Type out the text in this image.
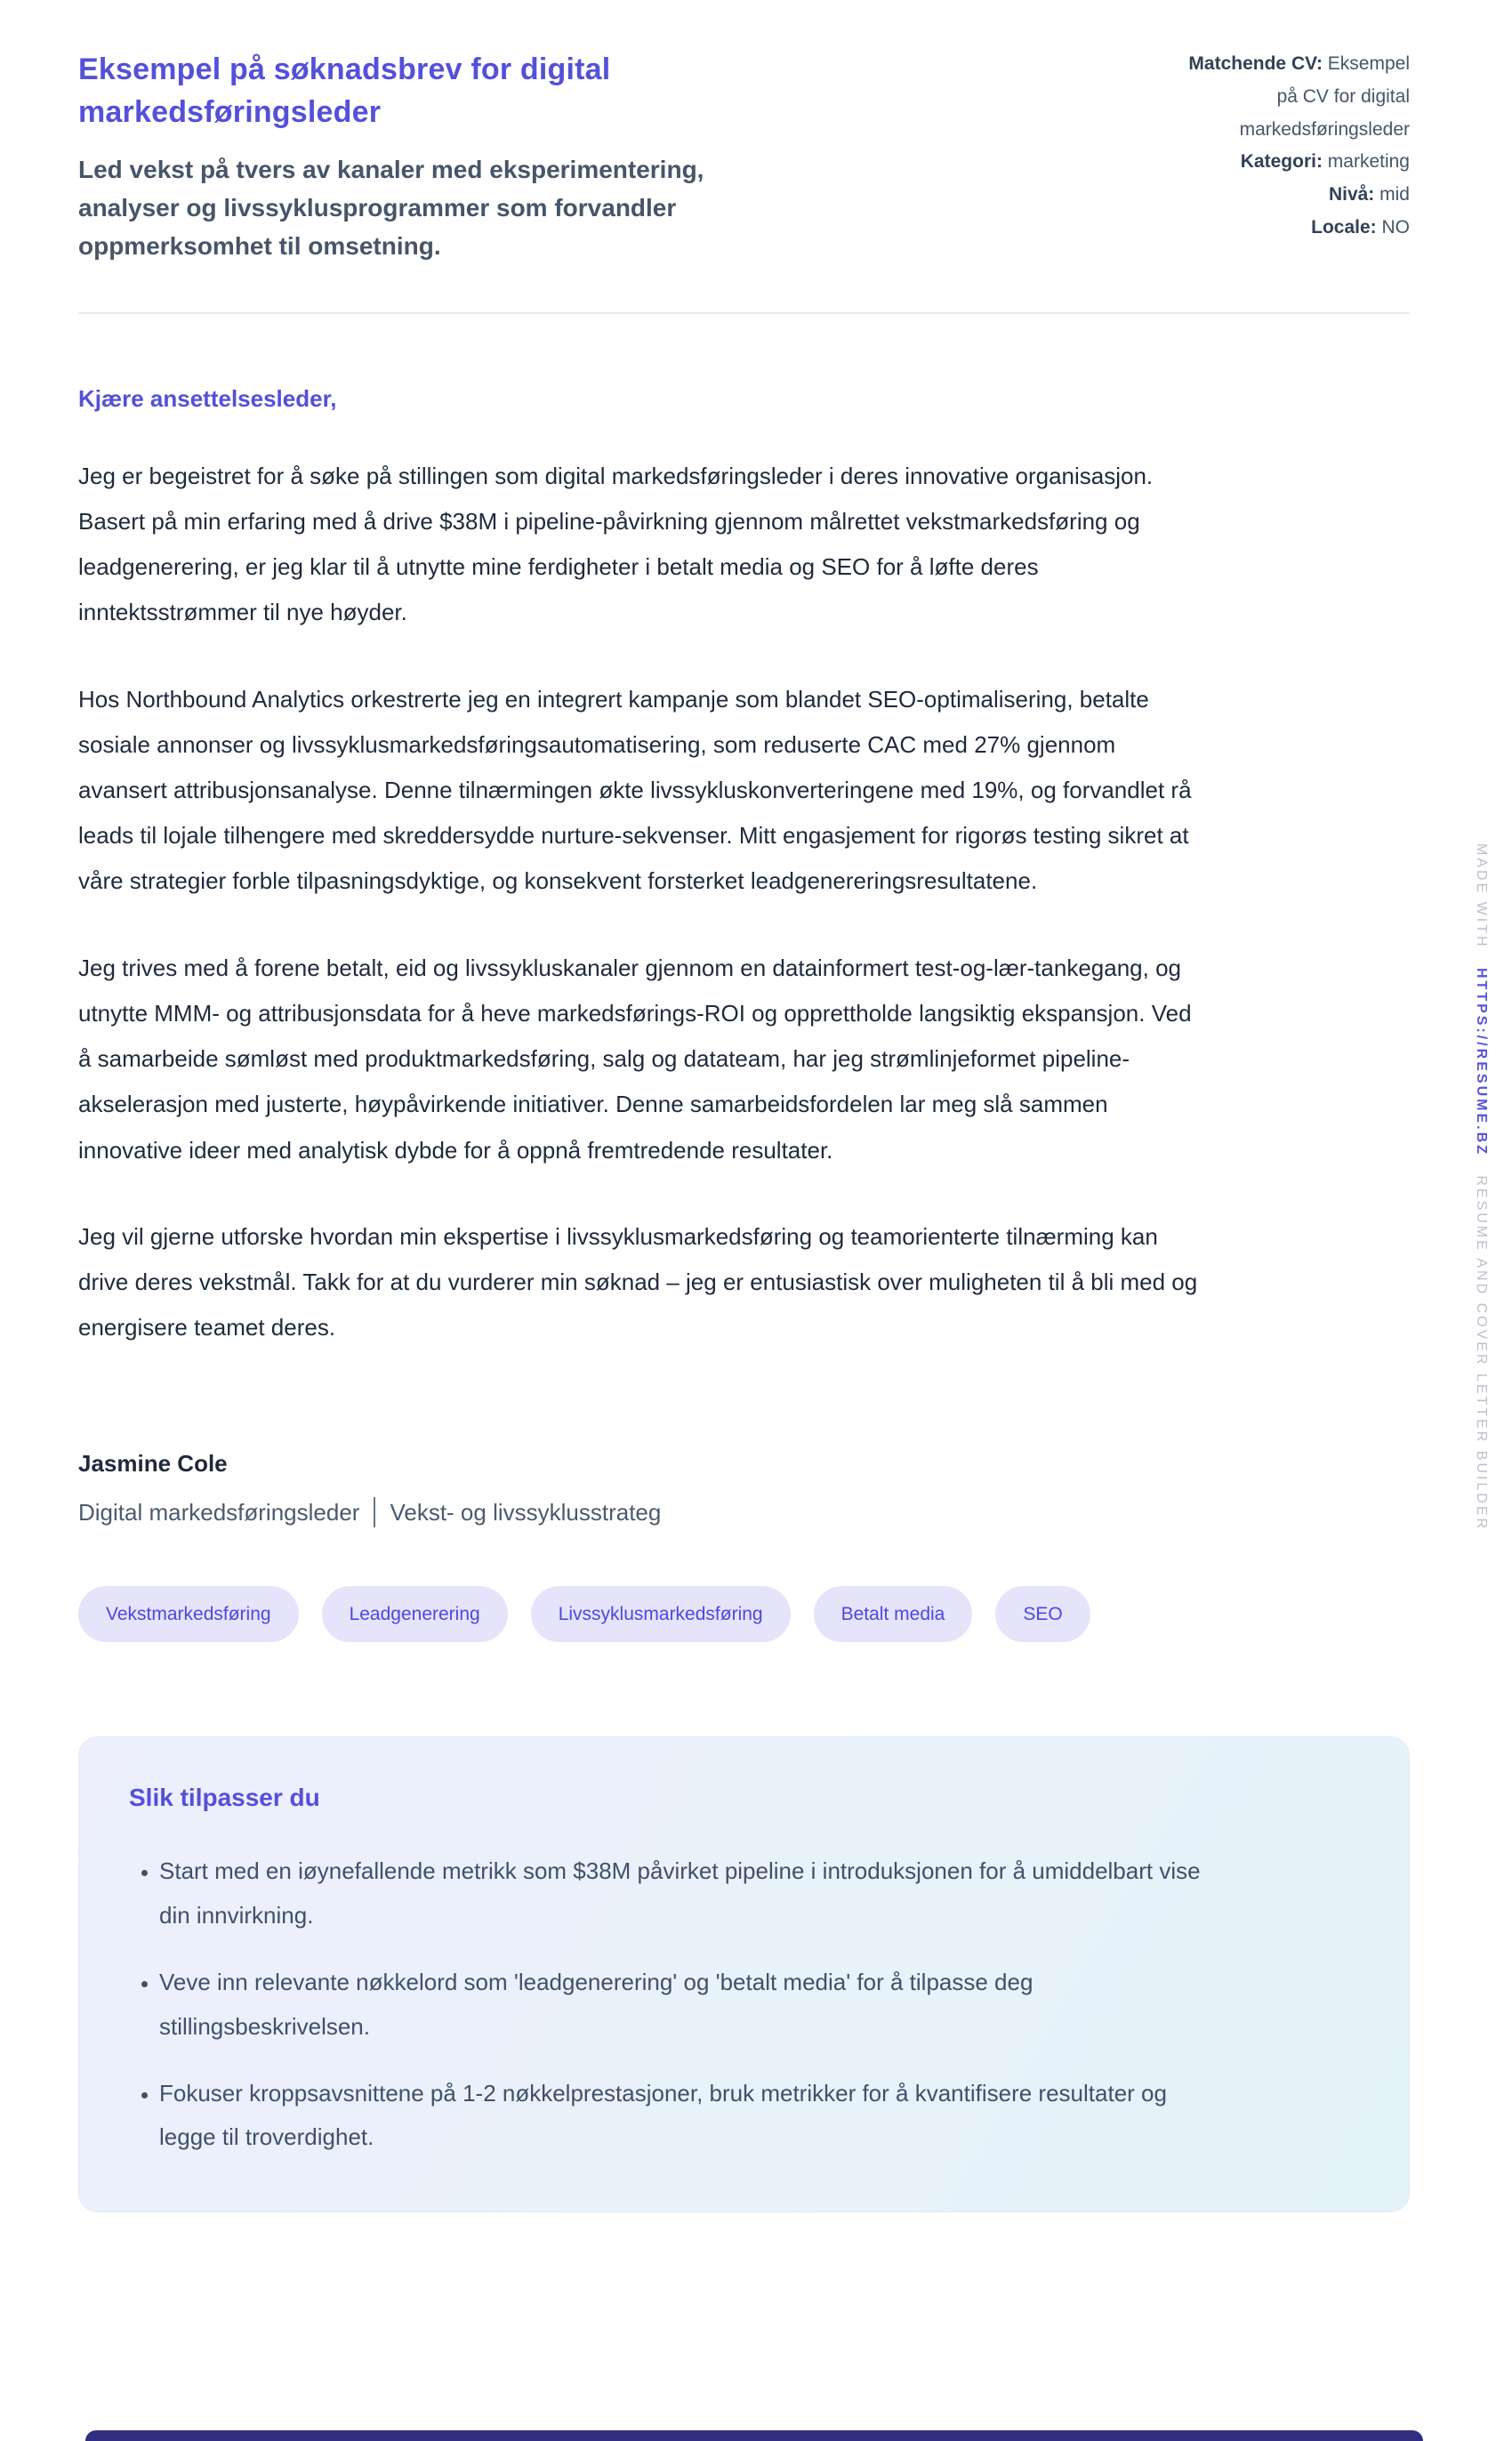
Eksempel på søknadsbrev for digital markedsføringsleder
Led vekst på tvers av kanaler med eksperimentering, analyser og livssyklusprogrammer som forvandler oppmerksomhet til omsetning.
Matchende CV: Eksempel på CV for digital markedsføringsleder
Kategori: marketing
Nivå: mid
Locale: NO

Kjære ansettelsesleder,

Jeg er begeistret for å søke på stillingen som digital markedsføringsleder i deres innovative organisasjon. Basert på min erfaring med å drive $38M i pipeline-påvirkning gjennom målrettet vekstmarkedsføring og leadgenerering, er jeg klar til å utnytte mine ferdigheter i betalt media og SEO for å løfte deres inntektsstrømmer til nye høyder.

Hos Northbound Analytics orkestrerte jeg en integrert kampanje som blandet SEO-optimalisering, betalte sosiale annonser og livssyklusmarkedsføringsautomatisering, som reduserte CAC med 27% gjennom avansert attribusjonsanalyse. Denne tilnærmingen økte livssykluskonverteringene med 19%, og forvandlet rå leads til lojale tilhengere med skreddersydde nurture-sekvenser. Mitt engasjement for rigorøs testing sikret at våre strategier forble tilpasningsdyktige, og konsekvent forsterket leadgenereringsresultatene.

Jeg trives med å forene betalt, eid og livssykluskanaler gjennom en datainformert test-og-lær-tankegang, og utnytte MMM- og attribusjonsdata for å heve markedsførings-ROI og opprettholde langsiktig ekspansjon. Ved å samarbeide sømløst med produktmarkedsføring, salg og datateam, har jeg strømlinjeformet pipeline-akselerasjon med justerte, høypåvirkende initiativer. Denne samarbeidsfordelen lar meg slå sammen innovative ideer med analytisk dybde for å oppnå fremtredende resultater.

Jeg vil gjerne utforske hvordan min ekspertise i livssyklusmarkedsføring og teamorienterte tilnærming kan drive deres vekstmål. Takk for at du vurderer min søknad – jeg er entusiastisk over muligheten til å bli med og energisere teamet deres.

Jasmine Cole

Digital markedsføringsleder Vekst- og livssyklusstrateg

Vekstmarkedsføring	Leadgenerering	Livssyklusmarkedsføring	Betalt media	SEO

Slik tilpasser du

• Start med en iøynefallende metrikk som $38M påvirket pipeline i introduksjonen for å umiddelbart vise din innvirkning.
• Veve inn relevante nøkkelord som 'leadgenerering' og 'betalt media' for å tilpasse deg stillingsbeskrivelsen.
• Fokuser kroppsavsnittene på 1-2 nøkkelprestasjoner, bruk metrikker for å kvantifisere resultater og legge til troverdighet.
MADE WITH HTTPS://RESUME.BZ RESUME AND COVER LETTER BUILDER
